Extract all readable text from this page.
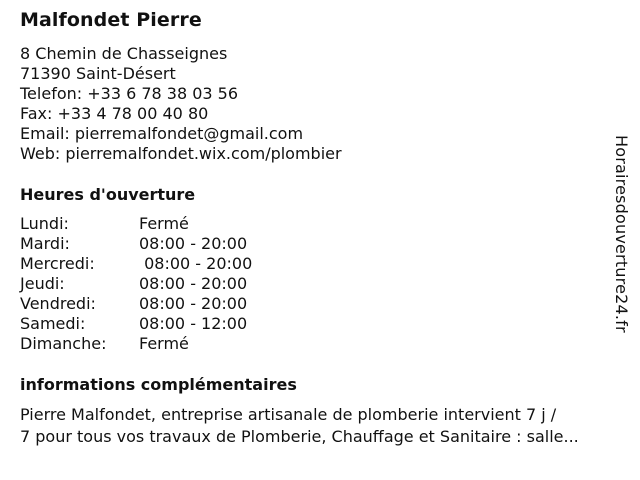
Malfondet Pierre
8 Chemin de Chasseignes
71390 Saint-Désert
Telefon: +33 6 78 38 03 56
Fax: +33 4 78 00 40 80
Email: pierremalfondet@gmail.com
Web: pierremalfondet.wix.com/plombier
Heures d'ouverture
Lundi:	Fermé
Mardi:	08:00 - 20:00
Mercredi:	08:00 - 20:00
Jeudi:	08:00 - 20:00
Vendredi:	08:00 - 20:00
Samedi:	08:00 - 12:00
Dimanche: Fermé
informations complémentaires
Pierre Malfondet, entreprise artisanale de plomberie intervient 7 j /
7 pour tous vos travaux de Plomberie, Chauffage et Sanitaire : salle...
Horairesdouverture24.fr
